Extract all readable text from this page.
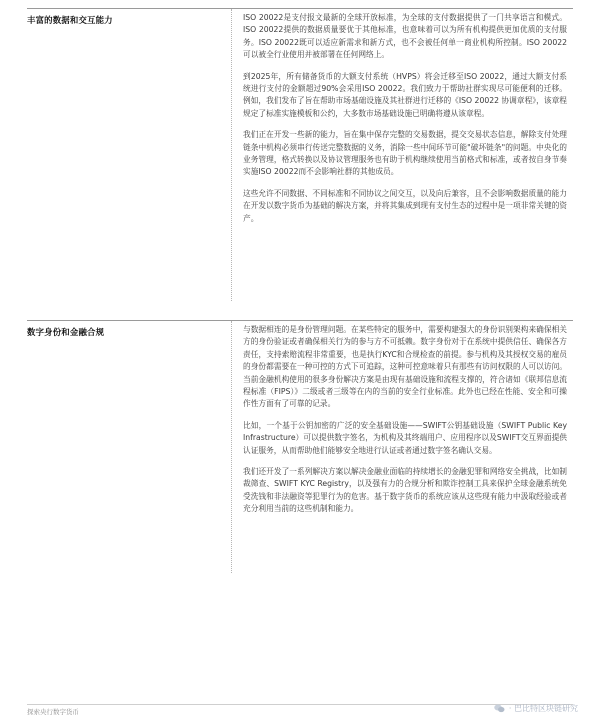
丰富的数据和交互能力	ISO 20022是支付报文最新的全球开放标准，为全球的支付数据提供了一门共享语言和模式。ISO 20022提供的数据质量要优于其他标准，也意味着可以为所有机构提供更加优质的支付服务。ISO 20022既可以适应新需求和新方式，也不会被任何单一商业机构所控制。ISO 20022可以被全行业使用并被部署在任何网络上。

到2025年，所有储备货币的大额支付系统（HVPS）将会迁移至ISO 20022，通过大额支付系统进行支付的金额超过90%会采用ISO 20022。我们致力于帮助社群实现尽可能便利的迁移。例如，我们发布了旨在帮助市场基础设施及其社群进行迁移的《ISO 20022 协调章程》，该章程规定了标准实施模板和公约，大多数市场基础设施已明确将遵从该章程。

我们正在开发一些新的能力，旨在集中保存完整的交易数据，提交交易状态信息，解除支付处理链条中机构必须串行传送完整数据的义务，消除一些中间环节可能"破坏链条"的问题。中央化的业务管理，格式转换以及协议管理服务也有助于机构继续使用当前格式和标准，或者按自身节奏实施ISO 20022而不会影响社群的其他成员。

这些允许不同数据、不同标准和不同协议之间交互，以及向后兼容，且不会影响数据质量的能力在开发以数字货币为基础的解决方案，并将其集成到现有支付生态的过程中是一项非常关键的资产。

数字身份和金融合规	与数据相连的是身份管理问题。在某些特定的服务中，需要构建强大的身份识别架构来确保相关方的身份验证或者确保相关行为的参与方不可抵赖。数字身份对于在系统中提供信任、确保各方责任，支持索赔流程非常重要，也是执行KYC和合规检查的前提。参与机构及其授权交易的雇员的身份都需要在一种可控的方式下可追踪，这种可控意味着只有那些有访问权限的人可以访问。当前金融机构使用的很多身份解决方案是由现有基础设施和流程支撑的，符合诸如《联邦信息流程标准（FIPS）》二级或者三级等在内的当前的安全行业标准。此外也已经在性能、安全和可操作性方面有了可靠的记录。

比如，一个基于公钥加密的广泛的安全基础设施——SWIFT公钥基础设施（SWIFT Public Key Infrastructure）可以提供数字签名，为机构及其终端用户、应用程序以及SWIFT交互界面提供认证服务，从而帮助他们能够安全地进行认证或者通过数字签名确认交易。

我们还开发了一系列解决方案以解决金融业面临的持续增长的金融犯罪和网络安全挑战，比如制裁筛查、SWIFT KYC Registry，以及强有力的合规分析和欺诈控制工具来保护全球金融系统免受洗钱和非法融资等犯罪行为的危害。基于数字货币的系统应该从这些现有能力中汲取经验或者充分利用当前的这些机制和能力。

探索央行数字货币	· 巴比特区块链研究
